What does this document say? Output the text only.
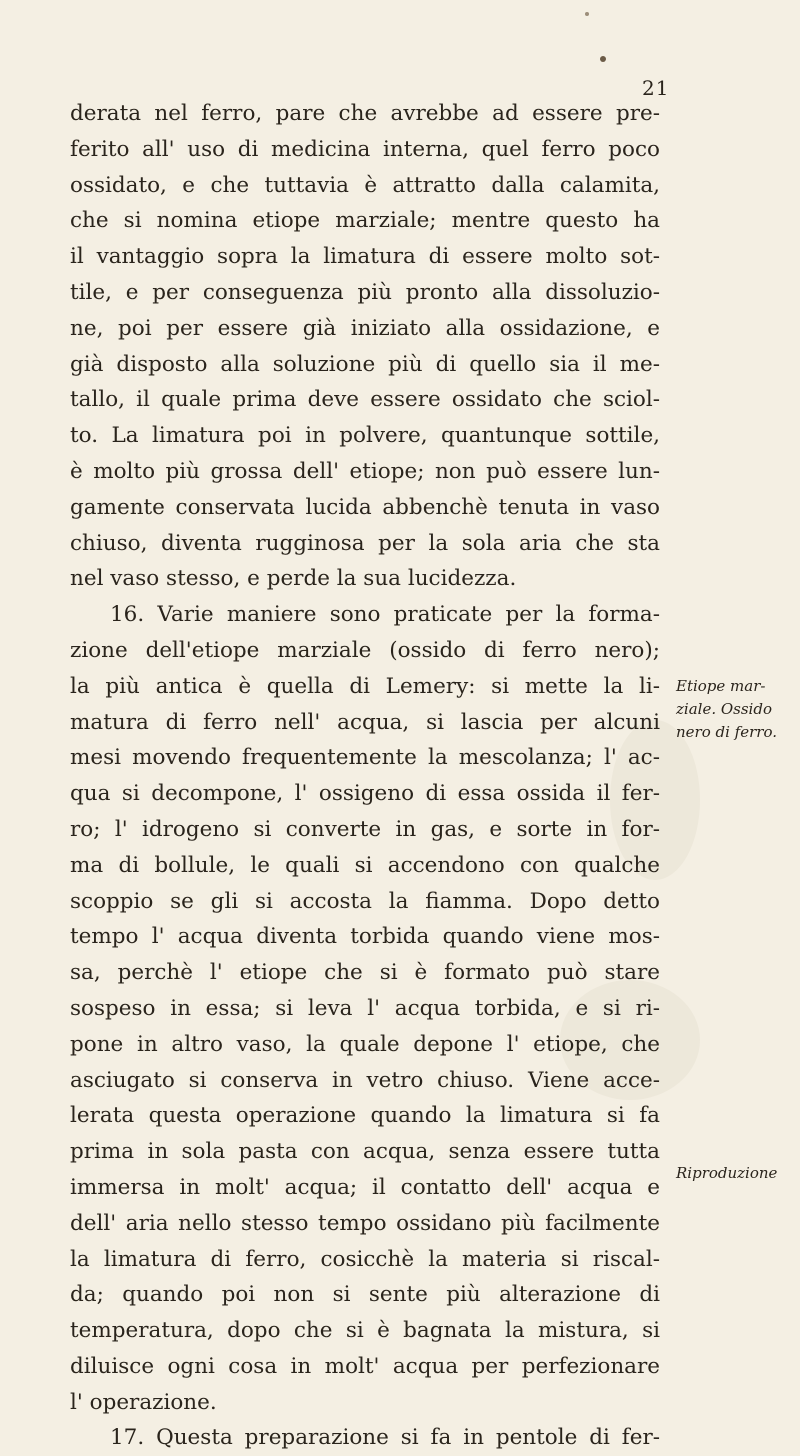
21
derata nel ferro, pare che avrebbe ad essere pre-
ferito all' uso di medicina interna, quel ferro poco
ossidato, e che tuttavia è attratto dalla calamita,
che si nomina etiope marziale; mentre questo ha
il vantaggio sopra la limatura di essere molto sot-
tile, e per conseguenza più pronto alla dissoluzio-
ne, poi per essere già iniziato alla ossidazione, e
già disposto alla soluzione più di quello sia il me-
tallo, il quale prima deve essere ossidato che sciol-
to. La limatura poi in polvere, quantunque sottile,
è molto più grossa dell' etiope; non può essere lun-
gamente conservata lucida abbenchè tenuta in vaso
chiuso, diventa rugginosa per la sola aria che sta
nel vaso stesso, e perde la sua lucidezza.
16. Varie maniere sono praticate per la forma-
zione dell'etiope marziale (ossido di ferro nero);
la più antica è quella di Lemery: si mette la li-
matura di ferro nell' acqua, si lascia per alcuni
mesi movendo frequentemente la mescolanza; l' ac-
qua si decompone, l' ossigeno di essa ossida il fer-
ro; l' idrogeno si converte in gas, e sorte in for-
ma di bollule, le quali si accendono con qualche
scoppio se gli si accosta la fiamma. Dopo detto
tempo l' acqua diventa torbida quando viene mos-
sa, perchè l' etiope che si è formato può stare
sospeso in essa; si leva l' acqua torbida, e si ri-
pone in altro vaso, la quale depone l' etiope, che
asciugato si conserva in vetro chiuso. Viene acce-
lerata questa operazione quando la limatura si fa
prima in sola pasta con acqua, senza essere tutta
immersa in molt' acqua; il contatto dell' acqua e
dell' aria nello stesso tempo ossidano più facilmente
la limatura di ferro, cosicchè la materia si riscal-
da; quando poi non si sente più alterazione di
temperatura, dopo che si è bagnata la mistura, si
diluisce ogni cosa in molt' acqua per perfezionare
l' operazione.
17. Questa preparazione si fa in pentole di fer-
Etiope mar-
ziale. Ossido
nero di ferro.
Riproduzione
